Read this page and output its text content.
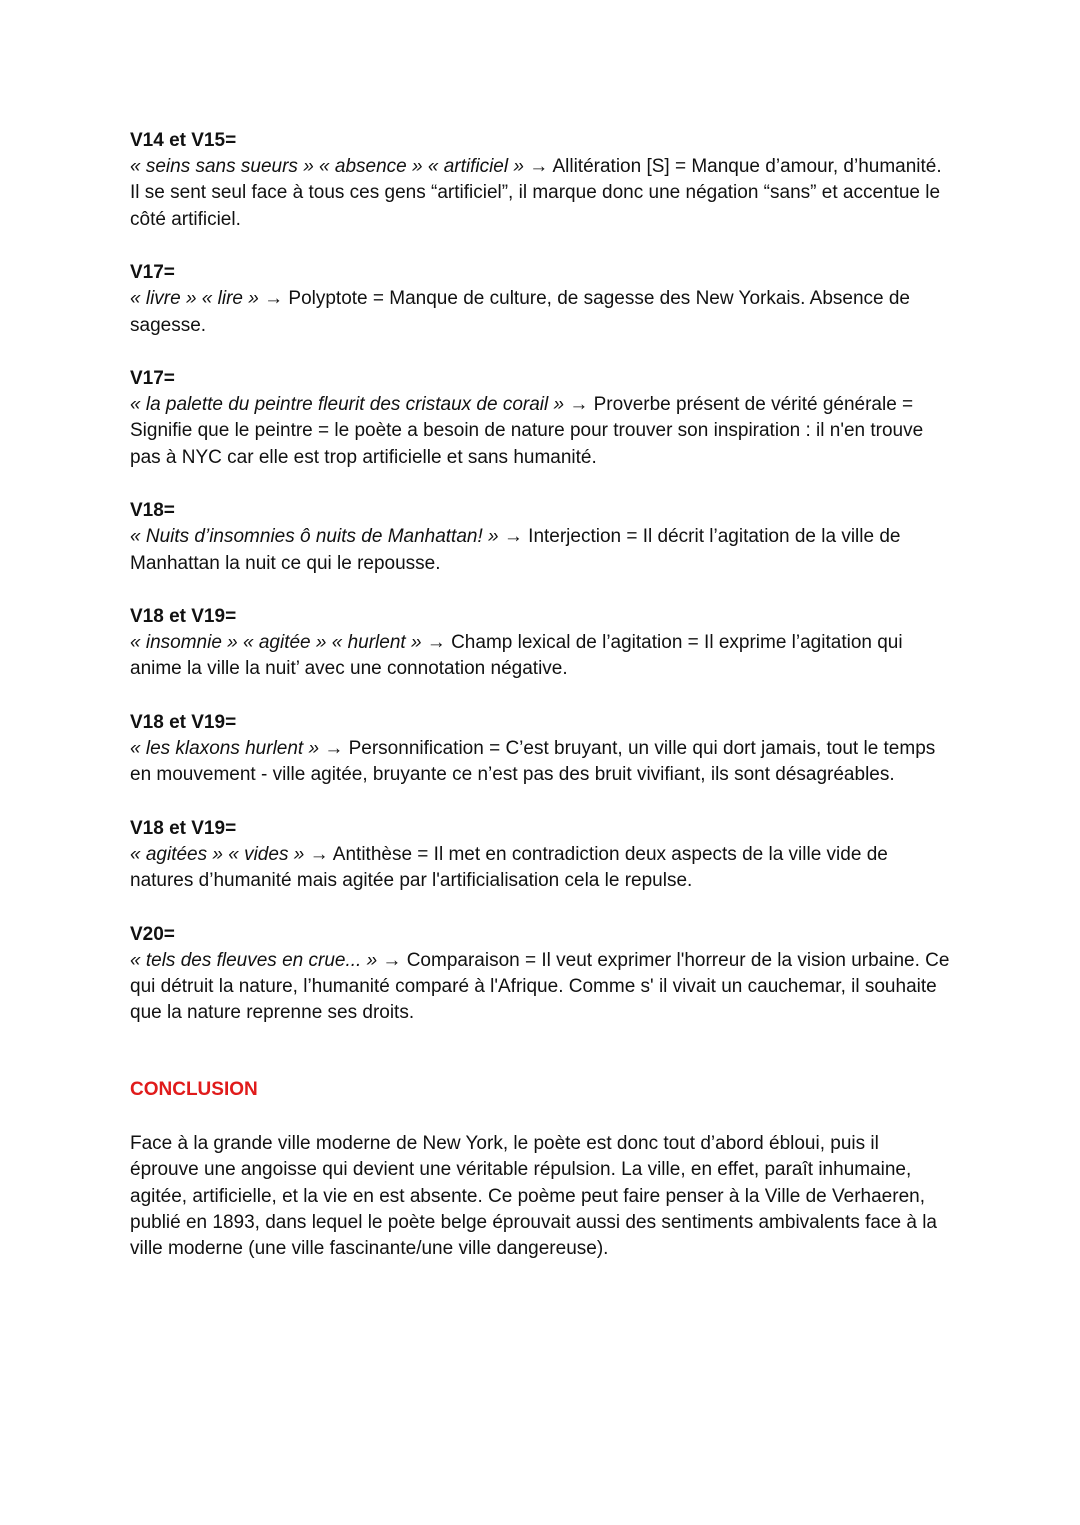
V14 et V15=

« seins sans sueurs » « absence » « artificiel » → Allitération [S] = Manque d’amour, d’humanité. Il se sent seul face à tous ces gens “artificiel”, il marque donc une négation “sans” et accentue le côté artificiel.

V17=

« livre » « lire » → Polyptote = Manque de culture, de sagesse des New Yorkais. Absence de sagesse.

V17=

« la palette du peintre fleurit des cristaux de corail » → Proverbe présent de vérité générale = Signifie que le peintre = le poète a besoin de nature pour trouver son inspiration : il n'en trouve pas à NYC car elle est trop artificielle et sans humanité.

V18=

« Nuits d’insomnies ô nuits de Manhattan! » → Interjection = Il décrit l’agitation de la ville de Manhattan la nuit ce qui le repousse.

V18 et V19=

« insomnie » « agitée » « hurlent » → Champ lexical de l’agitation = Il exprime l’agitation qui anime la ville la nuit’ avec une connotation négative.

V18 et V19=

« les klaxons hurlent » → Personnification = C’est bruyant, un ville qui dort jamais, tout le temps en mouvement - ville agitée, bruyante ce n’est pas des bruit vivifiant, ils sont désagréables.

V18 et V19=

« agitées » « vides » → Antithèse = Il met en contradiction deux aspects de la ville vide de natures d’humanité mais agitée par l'artificialisation cela le repulse.

V20=

« tels des fleuves en crue... » → Comparaison = Il veut exprimer l'horreur de la vision urbaine. Ce qui détruit la nature, l’humanité comparé à l'Afrique. Comme s' il vivait un cauchemar, il souhaite que la nature reprenne ses droits.

CONCLUSION

Face à la grande ville moderne de New York, le poète est donc tout d’abord ébloui, puis il éprouve une angoisse qui devient une véritable répulsion. La ville, en effet, paraît inhumaine, agitée, artificielle, et la vie en est absente. Ce poème peut faire penser à la Ville de Verhaeren, publié en 1893, dans lequel le poète belge éprouvait aussi des sentiments ambivalents face à la ville moderne (une ville fascinante/une ville dangereuse).
